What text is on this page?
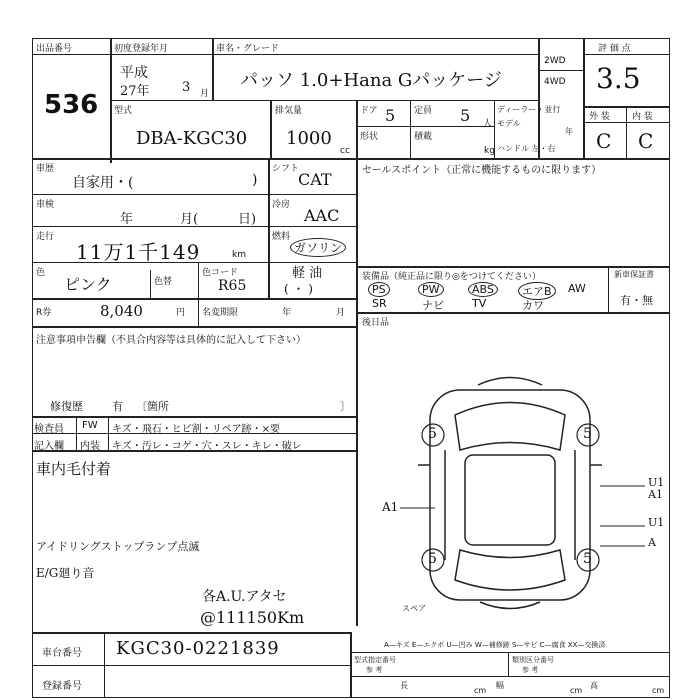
出品番号
536
初度登録年月
平成
27年 3 月
車名・グレード
パッソ 1.0+Hana Gパッケージ
2WD
4WD
評 価 点
3.5
外 装 内 装
C C
型式
DBA-KGC30
排気量
1000
cc
ドア 5 定員 5 人
形状	積載
kg
ディーラー・並行
モデル
年
ハンドル 左・右
車歴
自家用・(	)
シフト
CAT
車検
年	月(	日)
冷房
AAC
走行
11万1千149	km
燃料
ガソリン
軽 油
( ・ )
色
ピンク	色替
色コード
R65
R券	8,040	円 名変期限	年	月
セールスポイント（正常に機能するものに限ります）
装備品（純正品に限り◎をつけてください）	新車保証書
有・無
PS	PW	ABS	エアB	AW
SR	ナビ	TV	カワ
後日品
注意事項申告欄（不具合内容等は具体的に記入して下さい）
修復歴	有 〔箇所	〕
検査員 FW キズ・飛石・ヒビ割・リペア跡・×要
記入欄 内装 キズ・汚レ・コゲ・穴・スレ・キレ・破レ
車内毛付着
アイドリングストップランプ点滅
E/G廻り音
各A.U.アタセ
@111150Km
5	5
5	5
A1
U1
A1
U1
A
スペア
A—キズ E—エクボ U—凹み W—補修跡 S—サビ C—腐食 XX—交換済
車台番号 KGC30-0221839
登録番号
型式指定番号
参 考
類別区分番号
参 考
長
cm
幅
cm
高
cm
